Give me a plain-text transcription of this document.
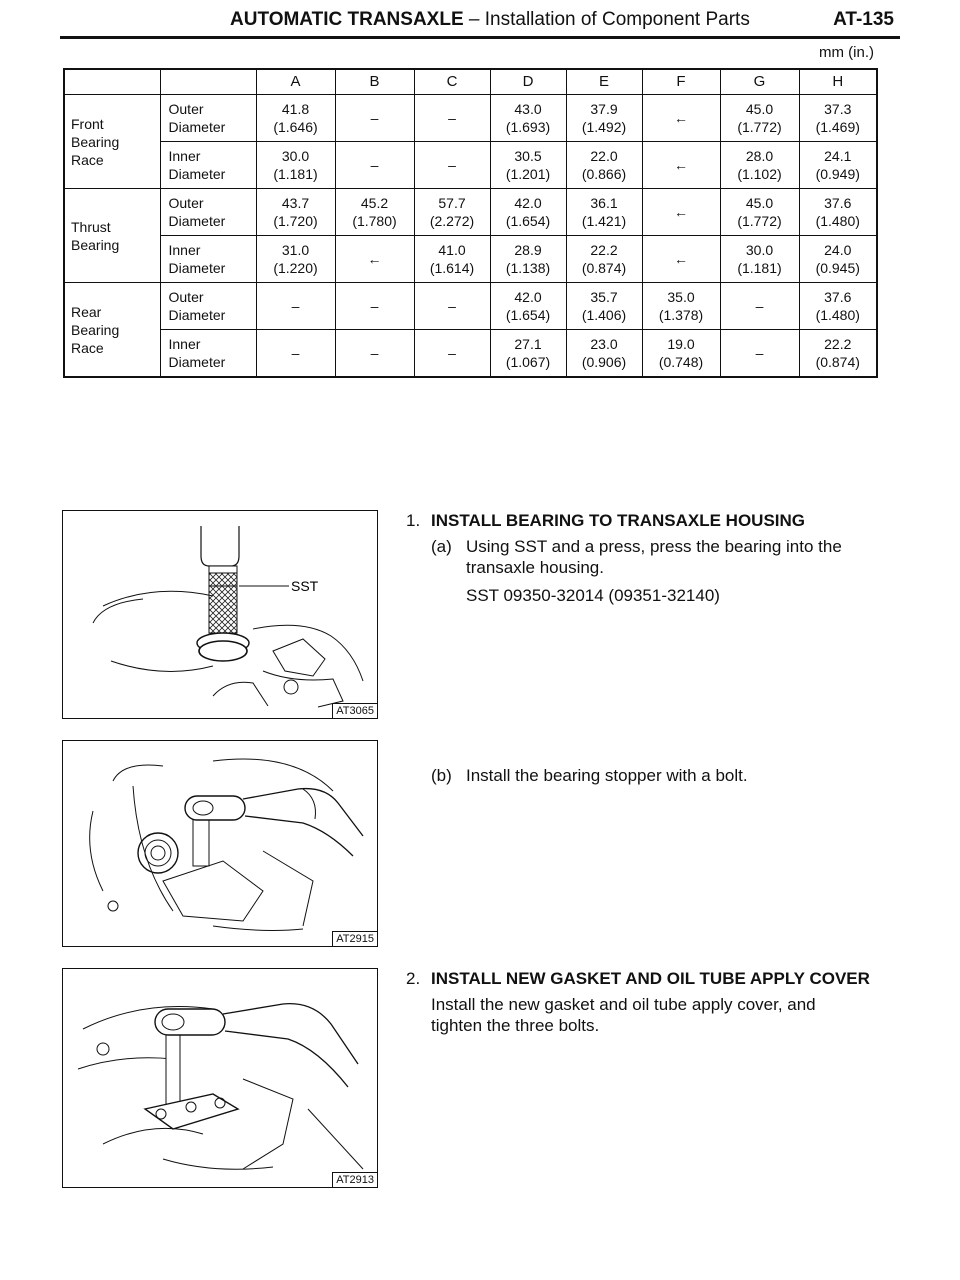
AUTOMATIC TRANSAXLE – Installation of Component Parts	AT-135
mm (in.)
		A	B	C	D	E	F	G	H

Front
Bearing
Race	Outer
Diameter	41.8
(1.646)	–	–	43.0
(1.693)	37.9
(1.492)	←	45.0
(1.772)	37.3
(1.469)

	Inner
Diameter	30.0
(1.181)	–	–	30.5
(1.201)	22.0
(0.866)	←	28.0
(1.102)	24.1
(0.949)

Thrust
Bearing	Outer
Diameter	43.7
(1.720)	45.2
(1.780)	57.7
(2.272)	42.0
(1.654)	36.1
(1.421)	←	45.0
(1.772)	37.6
(1.480)

	Inner
Diameter	31.0
(1.220)	←	41.0
(1.614)	28.9
(1.138)	22.2
(0.874)	←	30.0
(1.181)	24.0
(0.945)

Rear
Bearing
Race	Outer
Diameter	–	–	–	42.0
(1.654)	35.7
(1.406)	35.0
(1.378)	–	37.6
(1.480)

	Inner
Diameter	–	–	–	27.1
(1.067)	23.0
(0.906)	19.0
(0.748)	–	22.2
(0.874)
SST
AT3065
AT2915
AT2913
1. INSTALL BEARING TO TRANSAXLE HOUSING
(a) Using SST and a press, press the bearing into the
transaxle housing.
SST 09350-32014 (09351-32140)
(b) Install the bearing stopper with a bolt.
2. INSTALL NEW GASKET AND OIL TUBE APPLY COVER
Install the new gasket and oil tube apply cover, and
tighten the three bolts.
